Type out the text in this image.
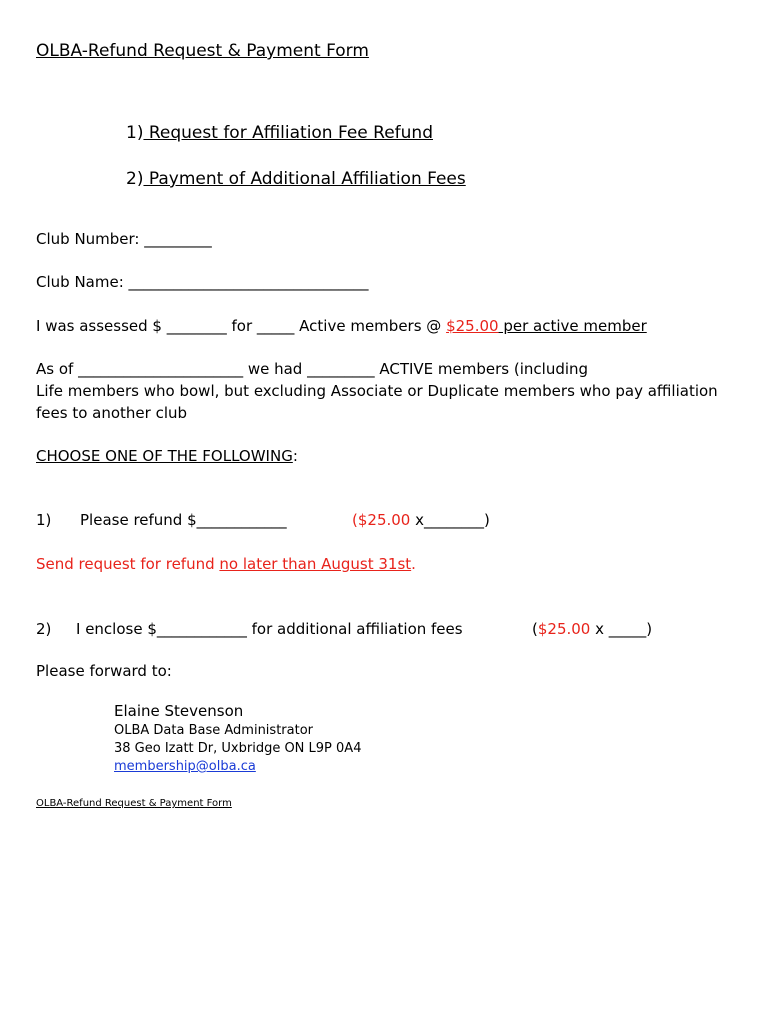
OLBA-Refund Request & Payment Form
1) Request for Affiliation Fee Refund
2) Payment of Additional Affiliation Fees
Club Number: _________
Club Name: ________________________________
I was assessed $ ________ for _____ Active members @ $25.00 per active member
As of ______________________ we had _________ ACTIVE members (including
Life members who bowl, but excluding Associate or Duplicate members who pay affiliation
fees to another club
CHOOSE ONE OF THE FOLLOWING:
1) Please refund $____________	($25.00 x________)
Send request for refund no later than August 31st.
2) I enclose $____________ for additional affiliation fees	($25.00 x _____)
Please forward to:
Elaine Stevenson
OLBA Data Base Administrator
38 Geo Izatt Dr, Uxbridge ON L9P 0A4
membership@olba.ca
OLBA-Refund Request & Payment Form
